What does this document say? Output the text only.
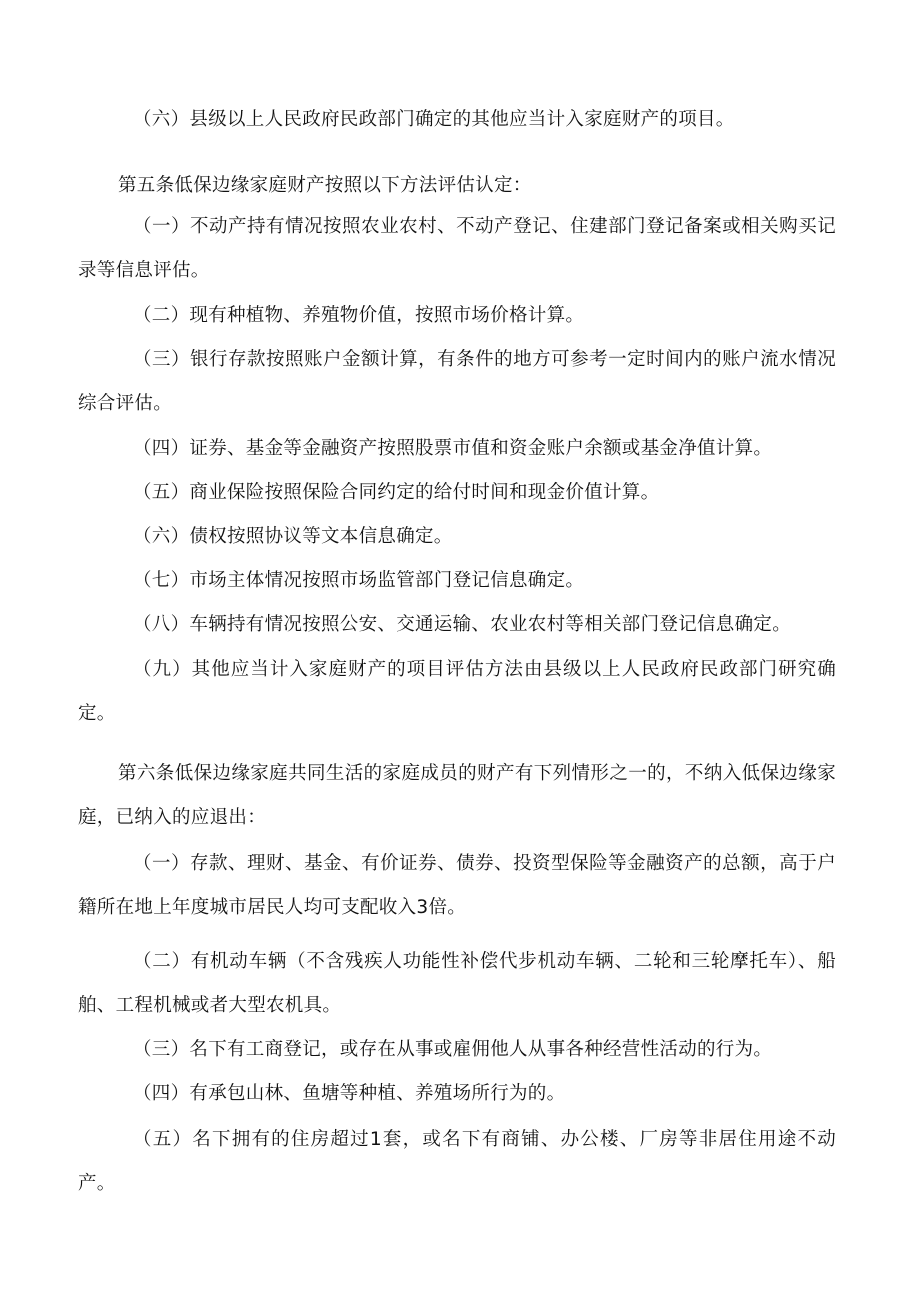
（六）县级以上人民政府民政部门确定的其他应当计入家庭财产的项目。

第五条低保边缘家庭财产按照以下方法评估认定：

（一）不动产持有情况按照农业农村、不动产登记、住建部门登记备案或相关购买记录等信息评估。

（二）现有种植物、养殖物价值，按照市场价格计算。

（三）银行存款按照账户金额计算，有条件的地方可参考一定时间内的账户流水情况综合评估。

（四）证券、基金等金融资产按照股票市值和资金账户余额或基金净值计算。

（五）商业保险按照保险合同约定的给付时间和现金价值计算。

（六）债权按照协议等文本信息确定。

（七）市场主体情况按照市场监管部门登记信息确定。

（八）车辆持有情况按照公安、交通运输、农业农村等相关部门登记信息确定。

（九）其他应当计入家庭财产的项目评估方法由县级以上人民政府民政部门研究确定。

第六条低保边缘家庭共同生活的家庭成员的财产有下列情形之一的，不纳入低保边缘家庭，已纳入的应退出：

（一）存款、理财、基金、有价证券、债券、投资型保险等金融资产的总额，高于户籍所在地上年度城市居民人均可支配收入3倍。

（二）有机动车辆（不含残疾人功能性补偿代步机动车辆、二轮和三轮摩托车）、船舶、工程机械或者大型农机具。

（三）名下有工商登记，或存在从事或雇佣他人从事各种经营性活动的行为。

（四）有承包山林、鱼塘等种植、养殖场所行为的。

（五）名下拥有的住房超过1套，或名下有商铺、办公楼、厂房等非居住用途不动产。
